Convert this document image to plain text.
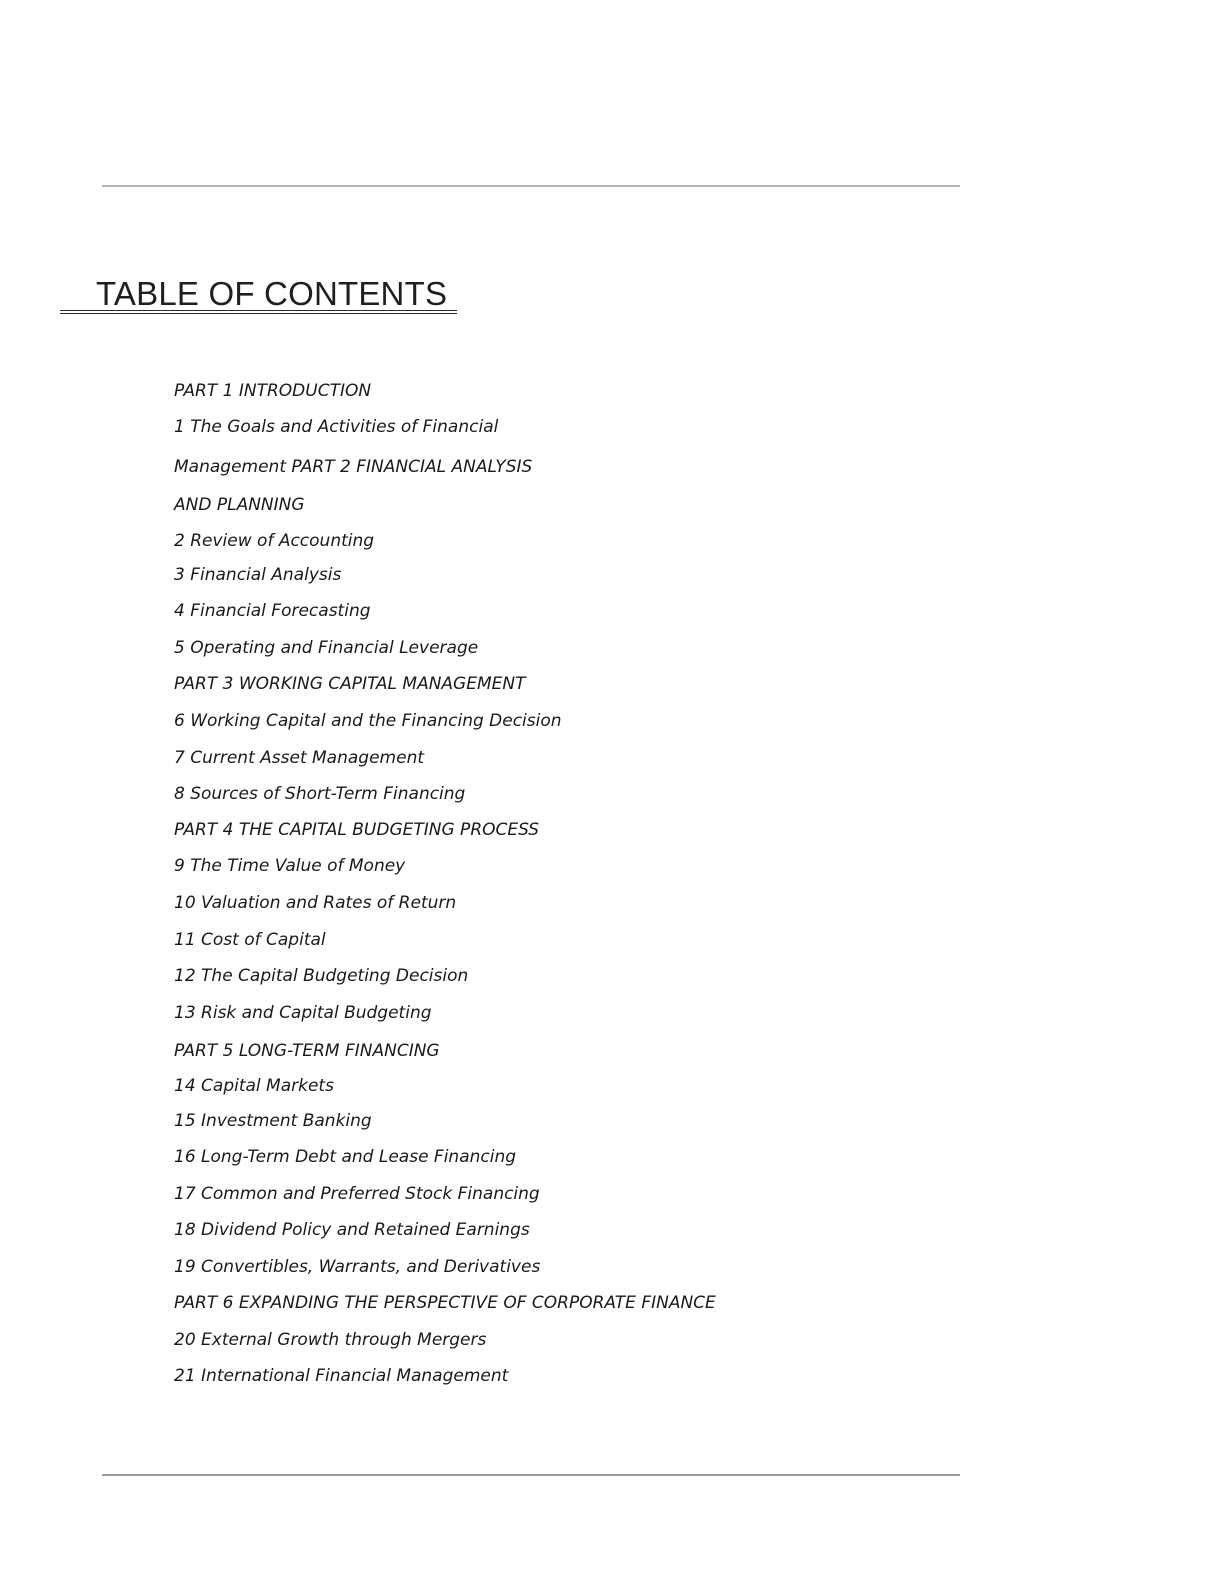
TABLE OF CONTENTS
PART 1 INTRODUCTION
1 The Goals and Activities of Financial
Management PART 2 FINANCIAL ANALYSIS
AND PLANNING
2 Review of Accounting
3 Financial Analysis
4 Financial Forecasting
5 Operating and Financial Leverage
PART 3 WORKING CAPITAL MANAGEMENT
6 Working Capital and the Financing Decision
7 Current Asset Management
8 Sources of Short-Term Financing
PART 4 THE CAPITAL BUDGETING PROCESS
9 The Time Value of Money
10 Valuation and Rates of Return
11 Cost of Capital
12 The Capital Budgeting Decision
13 Risk and Capital Budgeting
PART 5 LONG-TERM FINANCING
14 Capital Markets
15 Investment Banking
16 Long-Term Debt and Lease Financing
17 Common and Preferred Stock Financing
18 Dividend Policy and Retained Earnings
19 Convertibles, Warrants, and Derivatives
PART 6 EXPANDING THE PERSPECTIVE OF CORPORATE FINANCE
20 External Growth through Mergers
21 International Financial Management
